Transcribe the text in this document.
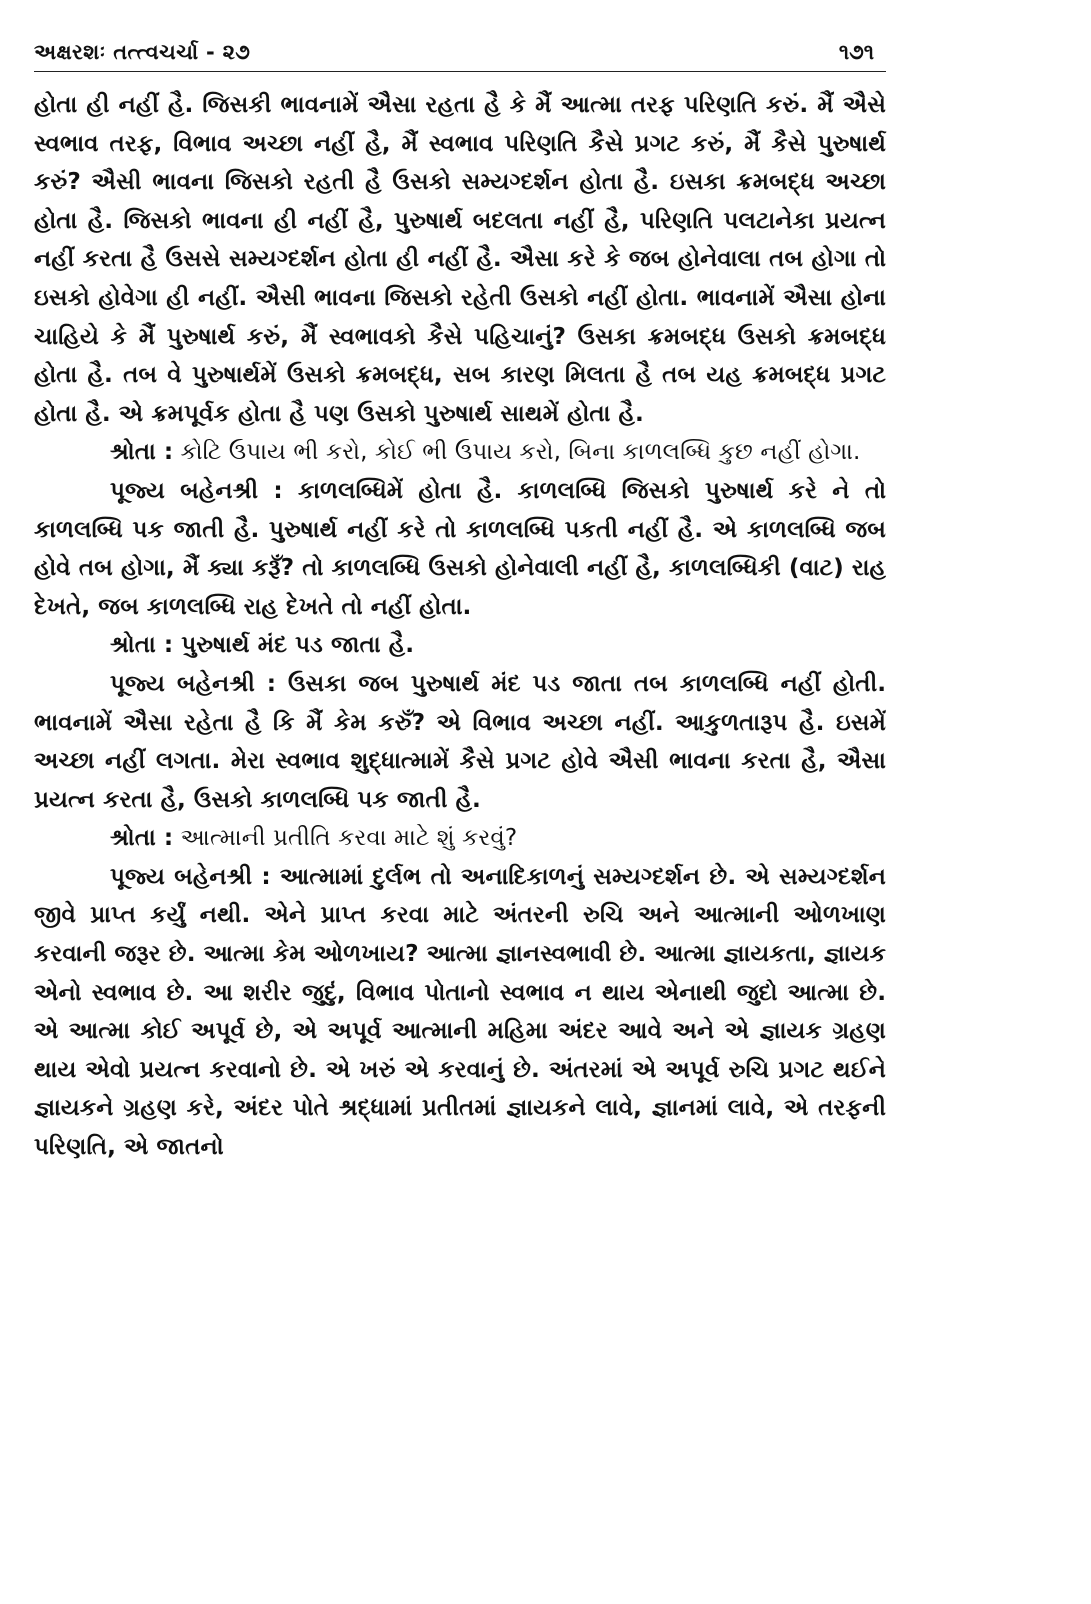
અક્ષરશઃ તત્ત્વચર્ચા - ૨૭	૧૭૧

હોતા હી નહીં હૈ. જિસકી ભાવનામેં ઐસા રહતા હૈ કે મૈં આત્મા તરફ પરિણતિ કરું. મૈં ઐસે સ્વભાવ તરફ, વિભાવ અચ્છા નહીં હૈ, મૈં સ્વભાવ પરિણતિ કૈસે પ્રગટ કરું, મૈં કૈસે પુરુષાર્થ કરું? ઐસી ભાવના જિસકો રહતી હૈ ઉસકો સમ્યગ્દર્શન હોતા હૈ. ઇસકા ક્રમબદ્ધ અચ્છા હોતા હૈ. જિસકો ભાવના હી નહીં હૈ, પુરુષાર્થ બદલતા નહીં હૈ, પરિણતિ પલટાનેકા પ્રયત્ન નહીં કરતા હૈ ઉસસે સમ્યગ્દર્શન હોતા હી નહીં હૈ. ઐસા કરે કે જબ હોનેવાલા તબ હોગા તો ઇસકો હોવેગા હી નહીં. ઐસી ભાવના જિસકો રહેતી ઉસકો નહીં હોતા. ભાવનામેં ઐસા હોના ચાહિયે કે મૈં પુરુષાર્થ કરું, મૈં સ્વભાવકો કૈસે પહિચાનું? ઉસકા ક્રમબદ્ધ ઉસકો ક્રમબદ્ધ હોતા હૈ. તબ વે પુરુષાર્થમેં ઉસકો ક્રમબદ્ધ, સબ કારણ મિલતા હૈ તબ યહ ક્રમબદ્ધ પ્રગટ હોતા હૈ. એ ક્રમપૂર્વક હોતા હૈ પણ ઉસકો પુરુષાર્થ સાથમેં હોતા હૈ.

શ્રોતા : કોટિ ઉપાય ભી કરો, કોઈ ભી ઉપાય કરો, બિના કાળલબ્ધિ કુછ નહીં હોગા.

પૂજ્ય બહેનશ્રી : કાળલબ્ધિમેં હોતા હૈ. કાળલબ્ધિ જિસકો પુરુષાર્થ કરે ને તો કાળલબ્ધિ પક જાતી હૈ. પુરુષાર્થ નહીં કરે તો કાળલબ્ધિ પકતી નહીં હૈ. એ કાળલબ્ધિ જબ હોવે તબ હોગા, મૈં ક્યા કરૂઁ? તો કાળલબ્ધિ ઉસકો હોનેવાલી નહીં હૈ, કાળલબ્ધિકી (વાટ) રાહ દેખતે, જબ કાળલબ્ધિ રાહ દેખતે તો નહીં હોતા.

શ્રોતા : પુરુષાર્થ મંદ પડ જાતા હૈ.

પૂજ્ય બહેનશ્રી : ઉસકા જબ પુરુષાર્થ મંદ પડ જાતા તબ કાળલબ્ધિ નહીં હોતી. ભાવનામેં ઐસા રહેતા હૈ કિ મૈં કેમ કરુઁ? એ વિભાવ અચ્છા નહીં. આકુળતારૂપ હૈ. ઇસમેં અચ્છા નહીં લગતા. મેરા સ્વભાવ શુદ્ધાત્મામેં કૈસે પ્રગટ હોવે ઐસી ભાવના કરતા હૈ, ઐસા પ્રયત્ન કરતા હૈ, ઉસકો કાળલબ્ધિ પક જાતી હૈ.

શ્રોતા : આત્માની પ્રતીતિ કરવા માટે શું કરવું?

પૂજ્ય બહેનશ્રી : આત્મામાં દુર્લભ તો અનાદિકાળનું સમ્યગ્દર્શન છે. એ સમ્યગ્દર્શન જીવે પ્રાપ્ત કર્યું નથી. એને પ્રાપ્ત કરવા માટે અંતરની રુચિ અને આત્માની ઓળખાણ કરવાની જરૂર છે. આત્મા કેમ ઓળખાય? આત્મા જ્ઞાનસ્વભાવી છે. આત્મા જ્ઞાયકતા, જ્ઞાયક એનો સ્વભાવ છે. આ શરીર જુદું, વિભાવ પોતાનો સ્વભાવ ન થાય એનાથી જુદો આત્મા છે. એ આત્મા કોઈ અપૂર્વ છે, એ અપૂર્વ આત્માની મહિમા અંદર આવે અને એ જ્ઞાયક ગ્રહણ થાય એવો પ્રયત્ન કરવાનો છે. એ ખરું એ કરવાનું છે. અંતરમાં એ અપૂર્વ રુચિ પ્રગટ થઈને જ્ઞાયકને ગ્રહણ કરે, અંદર પોતે શ્રદ્ધામાં પ્રતીતમાં જ્ઞાયકને લાવે, જ્ઞાનમાં લાવે, એ તરફની પરિણતિ, એ જાતનો
